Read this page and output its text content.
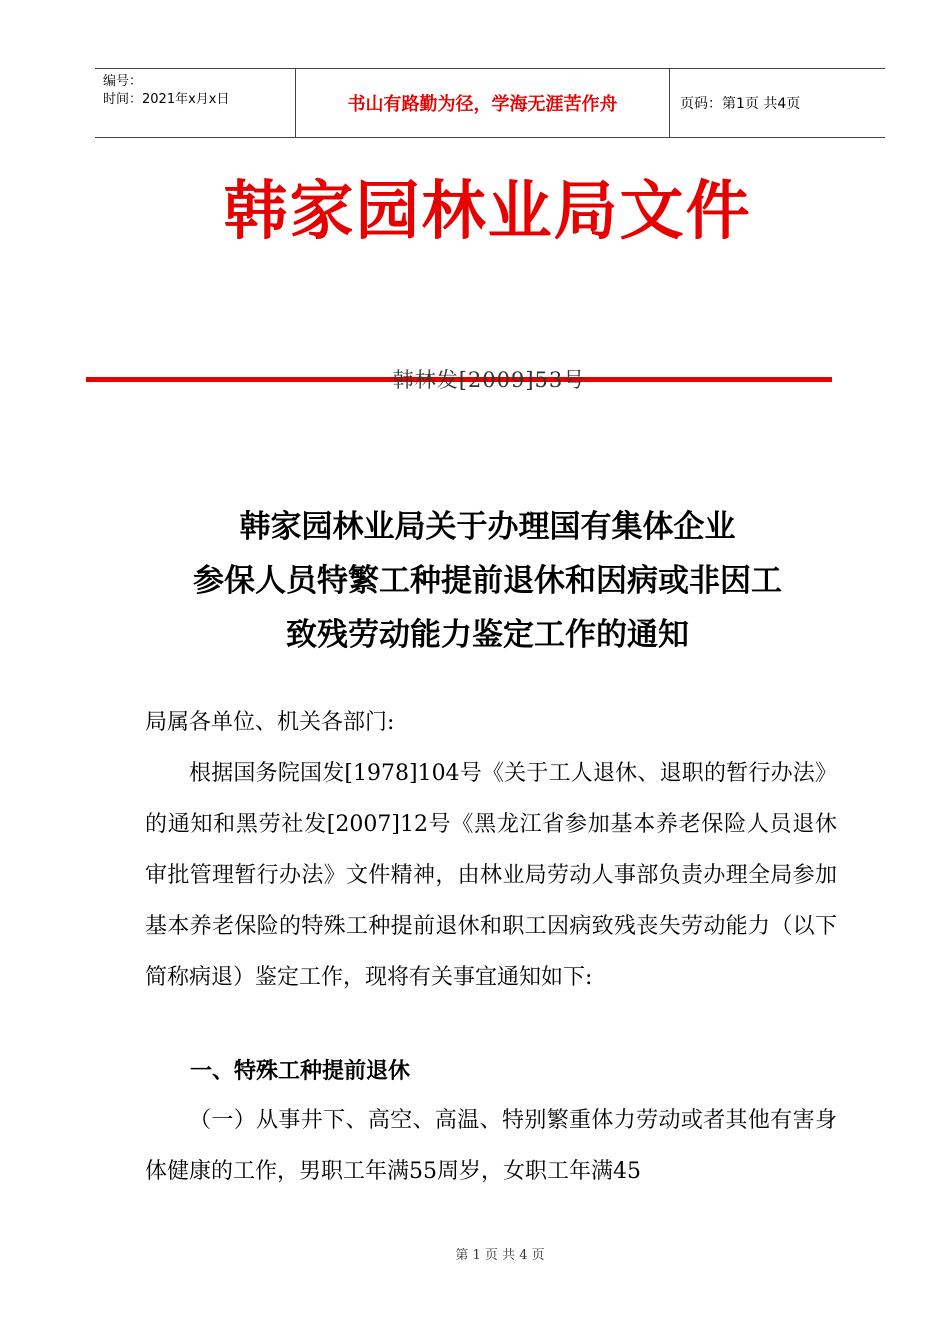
编号：
时间：2021年x月x日	书山有路勤为径，学海无涯苦作舟	页码：第1页 共4页
韩家园林业局文件
韩林发[2009]53号
韩家园林业局关于办理国有集体企业
参保人员特繁工种提前退休和因病或非因工
致残劳动能力鉴定工作的通知
局属各单位、机关各部门:
根据国务院国发[1978]104号《关于工人退休、退职的暂行办法》的通知和黑劳社发[2007]12号《黑龙江省参加基本养老保险人员退休审批管理暂行办法》文件精神，由林业局劳动人事部负责办理全局参加基本养老保险的特殊工种提前退休和职工因病致残丧失劳动能力（以下简称病退）鉴定工作，现将有关事宜通知如下:
一、特殊工种提前退休
（一）从事井下、高空、高温、特别繁重体力劳动或者其他有害身体健康的工作，男职工年满55周岁，女职工年满45
第 1 页 共 4 页
